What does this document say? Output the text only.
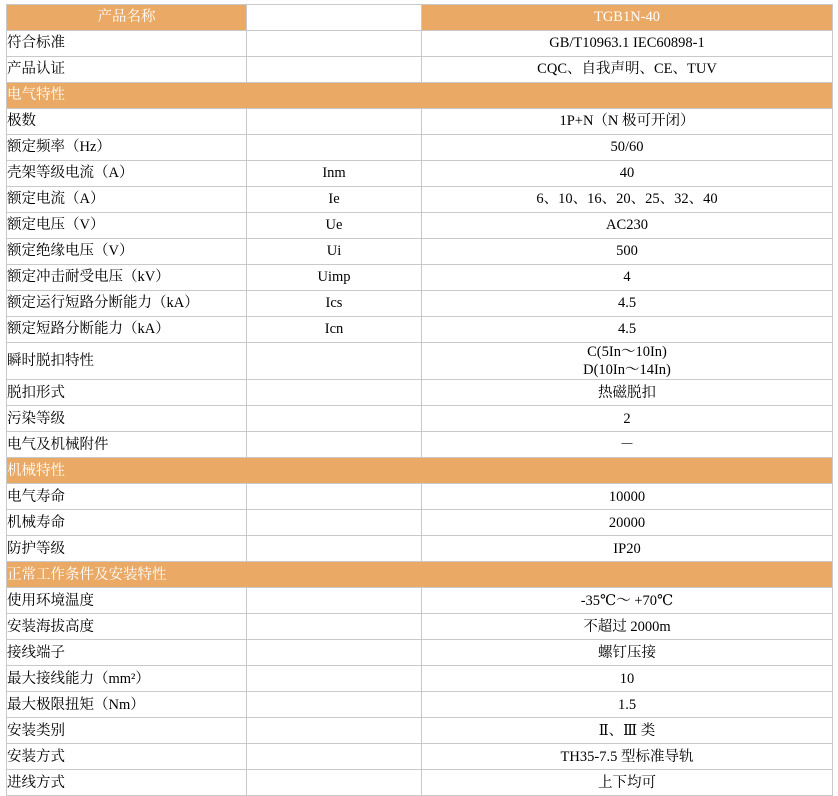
产品名称		TGB1N-40
符合标准		GB/T10963.1 IEC60898-1
产品认证		CQC、自我声明、CE、TUV
电气特性		
极数		1P+N（N 极可开闭）
额定频率（Hz）		50/60
壳架等级电流（A）	Inm	40
额定电流（A）	Ie	6、10、16、20、25、32、40
额定电压（V）	Ue	AC230
额定绝缘电压（V）	Ui	500
额定冲击耐受电压（kV）	Uimp	4
额定运行短路分断能力（kA）	Ics	4.5
额定短路分断能力（kA）	Icn	4.5
瞬时脱扣特性		C(5In～10In)
D(10In～14In)

脱扣形式		热磁脱扣
污染等级		2
电气及机械附件		－
机械特性		
电气寿命		10000
机械寿命		20000
防护等级		IP20
正常工作条件及安装特性		
使用环境温度		-35℃～ +70℃
安装海拔高度		不超过 2000m
接线端子		螺钉压接
最大接线能力（mm²）		10
最大极限扭矩（Nm）		1.5
安装类别		Ⅱ、Ⅲ 类
安装方式		TH35-7.5 型标准导轨
进线方式		上下均可
